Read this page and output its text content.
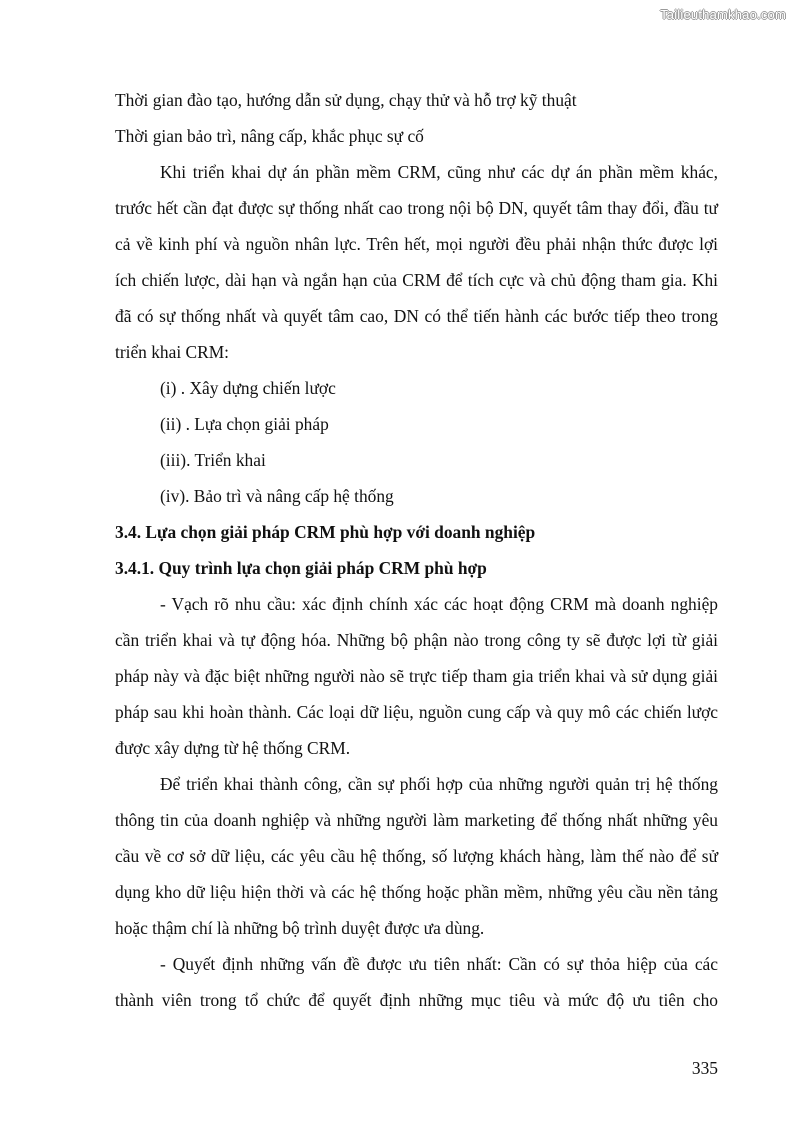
Tailieuthamkhao.com
Thời gian đào tạo, hướng dẫn sử dụng, chạy thử và hỗ trợ kỹ thuật
Thời gian bảo trì, nâng cấp, khắc phục sự cố

Khi triển khai dự án phần mềm CRM, cũng như các dự án phần mềm khác, trước hết cần đạt được sự thống nhất cao trong nội bộ DN, quyết tâm thay đổi, đầu tư cả về kinh phí và nguồn nhân lực. Trên hết, mọi người đều phải nhận thức được lợi ích chiến lược, dài hạn và ngắn hạn của CRM để tích cực và chủ động tham gia. Khi đã có sự thống nhất và quyết tâm cao, DN có thể tiến hành các bước tiếp theo trong triển khai CRM:

(i) . Xây dựng chiến lược
(ii) . Lựa chọn giải pháp
(iii). Triển khai
(iv). Bảo trì và nâng cấp hệ thống
3.4. Lựa chọn giải pháp CRM phù hợp với doanh nghiệp
3.4.1. Quy trình lựa chọn giải pháp CRM phù hợp

- Vạch rõ nhu cầu: xác định chính xác các hoạt động CRM mà doanh nghiệp cần triển khai và tự động hóa. Những bộ phận nào trong công ty sẽ được lợi từ giải pháp này và đặc biệt những người nào sẽ trực tiếp tham gia triển khai và sử dụng giải pháp sau khi hoàn thành. Các loại dữ liệu, nguồn cung cấp và quy mô các chiến lược được xây dựng từ hệ thống CRM.

Để triển khai thành công, cần sự phối hợp của những người quản trị hệ thống thông tin của doanh nghiệp và những người làm marketing để thống nhất những yêu cầu về cơ sở dữ liệu, các yêu cầu hệ thống, số lượng khách hàng, làm thế nào để sử dụng kho dữ liệu hiện thời và các hệ thống hoặc phần mềm, những yêu cầu nền tảng hoặc thậm chí là những bộ trình duyệt được ưa dùng.

- Quyết định những vấn đề được ưu tiên nhất: Cần có sự thỏa hiệp của các thành viên trong tổ chức để quyết định những mục tiêu và mức độ ưu tiên cho

335
